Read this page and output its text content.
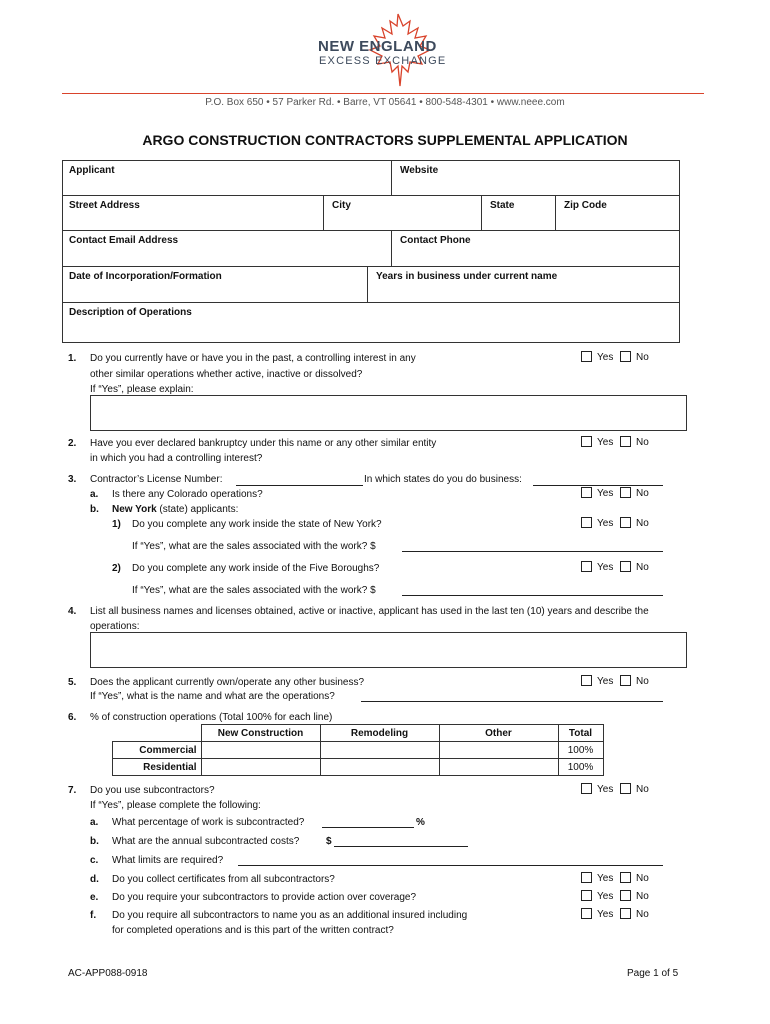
NEW ENGLAND
EXCESS EXCHANGE
P.O. Box 650 • 57 Parker Rd. • Barre, VT 05641 • 800-548-4301 • www.neee.com
ARGO CONSTRUCTION CONTRACTORS SUPPLEMENTAL APPLICATION
Applicant	Website
Street Address	City	State	Zip Code
Contact Email Address	Contact Phone
Date of Incorporation/Formation	Years in business under current name
Description of Operations
1. Do you currently have or have you in the past, a controlling interest in any
other similar operations whether active, inactive or dissolved?
If “Yes”, please explain:
Yes No
2. Have you ever declared bankruptcy under this name or any other similar entity
in which you had a controlling interest?
Yes No
3. Contractor’s License Number:	In which states do you do business:
a. Is there any Colorado operations?	Yes No
b. New York (state) applicants:
1) Do you complete any work inside the state of New York?	Yes No
If “Yes”, what are the sales associated with the work? $
2) Do you complete any work inside of the Five Boroughs?	Yes No
If “Yes”, what are the sales associated with the work? $
4. List all business names and licenses obtained, active or inactive, applicant has used in the last ten (10) years and describe the
operations:
5. Does the applicant currently own/operate any other business?
If “Yes”, what is the name and what are the operations?
Yes No
6. % of construction operations (Total 100% for each line)
	New Construction	Remodeling	Other	Total
Commercial				100%
Residential				100%
7. Do you use subcontractors?
If “Yes”, please complete the following:
Yes No
a. What percentage of work is subcontracted?	%
b. What are the annual subcontracted costs?	$
c. What limits are required?
d. Do you collect certificates from all subcontractors?	Yes No
e. Do you require your subcontractors to provide action over coverage?	Yes No
f. Do you require all subcontractors to name you as an additional insured including
for completed operations and is this part of the written contract?
Yes No
AC-APP088-0918	Page 1 of 5
